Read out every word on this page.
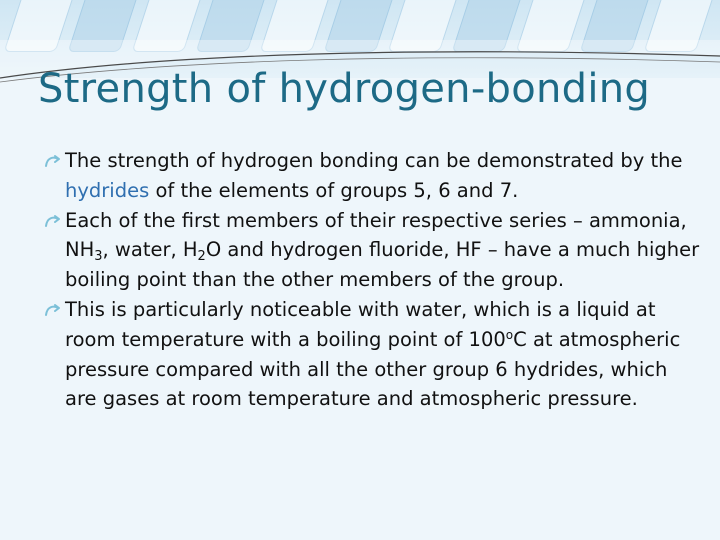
Strength of hydrogen-bonding
The strength of hydrogen bonding can be demonstrated by the hydrides of the elements of groups 5, 6 and 7.
Each of the first members of their respective series – ammonia, $NH_3$, water, $H_2O$ and hydrogen fluoride, HF – have a much higher boiling point than the other members of the group.
This is particularly noticeable with water, which is a liquid at room temperature with a boiling point of 100$^o$C at atmospheric pressure compared with all the other group 6 hydrides, which are gases at room temperature and atmospheric pressure.
